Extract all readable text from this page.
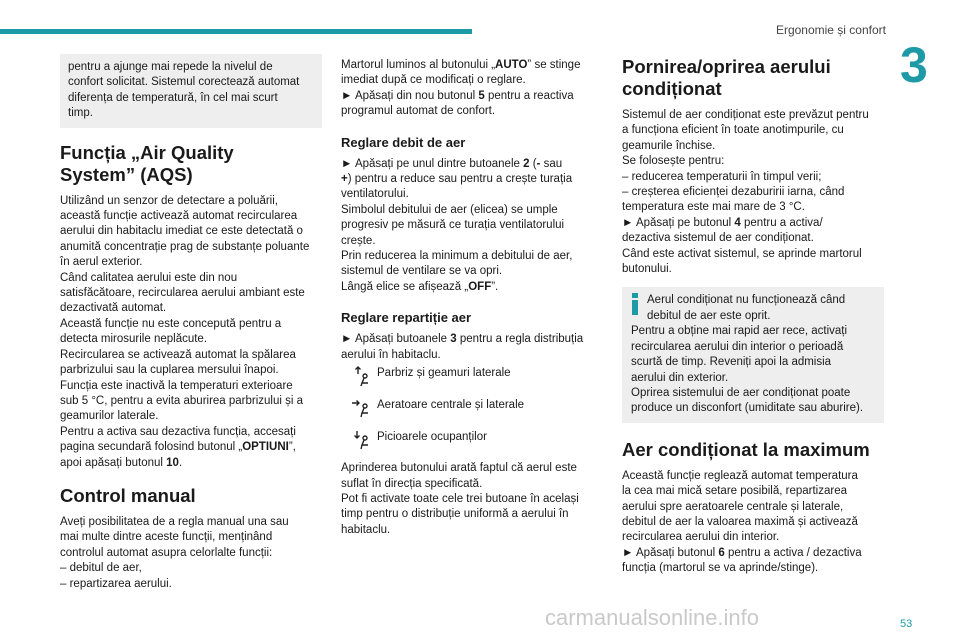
Ergonomie și confort
3
53
carmanualsonline.info

pentru a ajunge mai repede la nivelul de

confort solicitat. Sistemul corectează automat

diferența de temperatură, în cel mai scurt

timp.

Funcția „Air Quality
System” (AQS)

Utilizând un senzor de detectare a poluării,

această funcție activează automat recircularea

aerului din habitaclu imediat ce este detectată o

anumită concentrație prag de substanțe poluante

în aerul exterior.

Când calitatea aerului este din nou

satisfăcătoare, recircularea aerului ambiant este

dezactivată automat.

Această funcție nu este concepută pentru a

detecta mirosurile neplăcute.

Recircularea se activează automat la spălarea

parbrizului sau la cuplarea mersului înapoi.

Funcția este inactivă la temperaturi exterioare

sub 5 °C, pentru a evita aburirea parbrizului și a

geamurilor laterale.

Pentru a activa sau dezactiva funcția, accesați

pagina secundară folosind butonul „OPTIUNI”,

apoi apăsați butonul 10.

Control manual

Aveți posibilitatea de a regla manual una sau

mai multe dintre aceste funcții, menținând

controlul automat asupra celorlalte funcții:

– debitul de aer,

– repartizarea aerului.

Martorul luminos al butonului „AUTO” se stinge

imediat după ce modificați o reglare.

► Apăsați din nou butonul 5 pentru a reactiva

programul automat de confort.

Reglare debit de aer

► Apăsați pe unul dintre butoanele 2 (- sau

+) pentru a reduce sau pentru a crește turația

ventilatorului.

Simbolul debitului de aer (elicea) se umple

progresiv pe măsură ce turația ventilatorului

crește.

Prin reducerea la minimum a debitului de aer,

sistemul de ventilare se va opri.

Lângă elice se afișează „OFF”.

Reglare repartiție aer

► Apăsați butoanele 3 pentru a regla distribuția

aerului în habitaclu.

Parbriz și geamuri laterale
Aeratoare centrale și laterale
Picioarele ocupanților

Aprinderea butonului arată faptul că aerul este

suflat în direcția specificată.

Pot fi activate toate cele trei butoane în același

timp pentru o distribuție uniformă a aerului în

habitaclu.

Pornirea/oprirea aerului
condiționat

Sistemul de aer condiționat este prevăzut pentru

a funcționa eficient în toate anotimpurile, cu

geamurile închise.

Se folosește pentru:

– reducerea temperaturii în timpul verii;

– creșterea eficienței dezaburirii iarna, când

temperatura este mai mare de 3 °C.

► Apăsați pe butonul 4 pentru a activa/

dezactiva sistemul de aer condiționat.

Când este activat sistemul, se aprinde martorul

butonului.

Aerul condiționat nu funcționează când

debitul de aer este oprit.

Pentru a obține mai rapid aer rece, activați

recircularea aerului din interior o perioadă

scurtă de timp. Reveniți apoi la admisia

aerului din exterior.

Oprirea sistemului de aer condiționat poate

produce un disconfort (umiditate sau aburire).

Aer condiționat la maximum

Această funcție reglează automat temperatura

la cea mai mică setare posibilă, repartizarea

aerului spre aeratoarele centrale și laterale,

debitul de aer la valoarea maximă și activează

recircularea aerului din interior.

► Apăsați butonul 6 pentru a activa / dezactiva

funcția (martorul se va aprinde/stinge).
